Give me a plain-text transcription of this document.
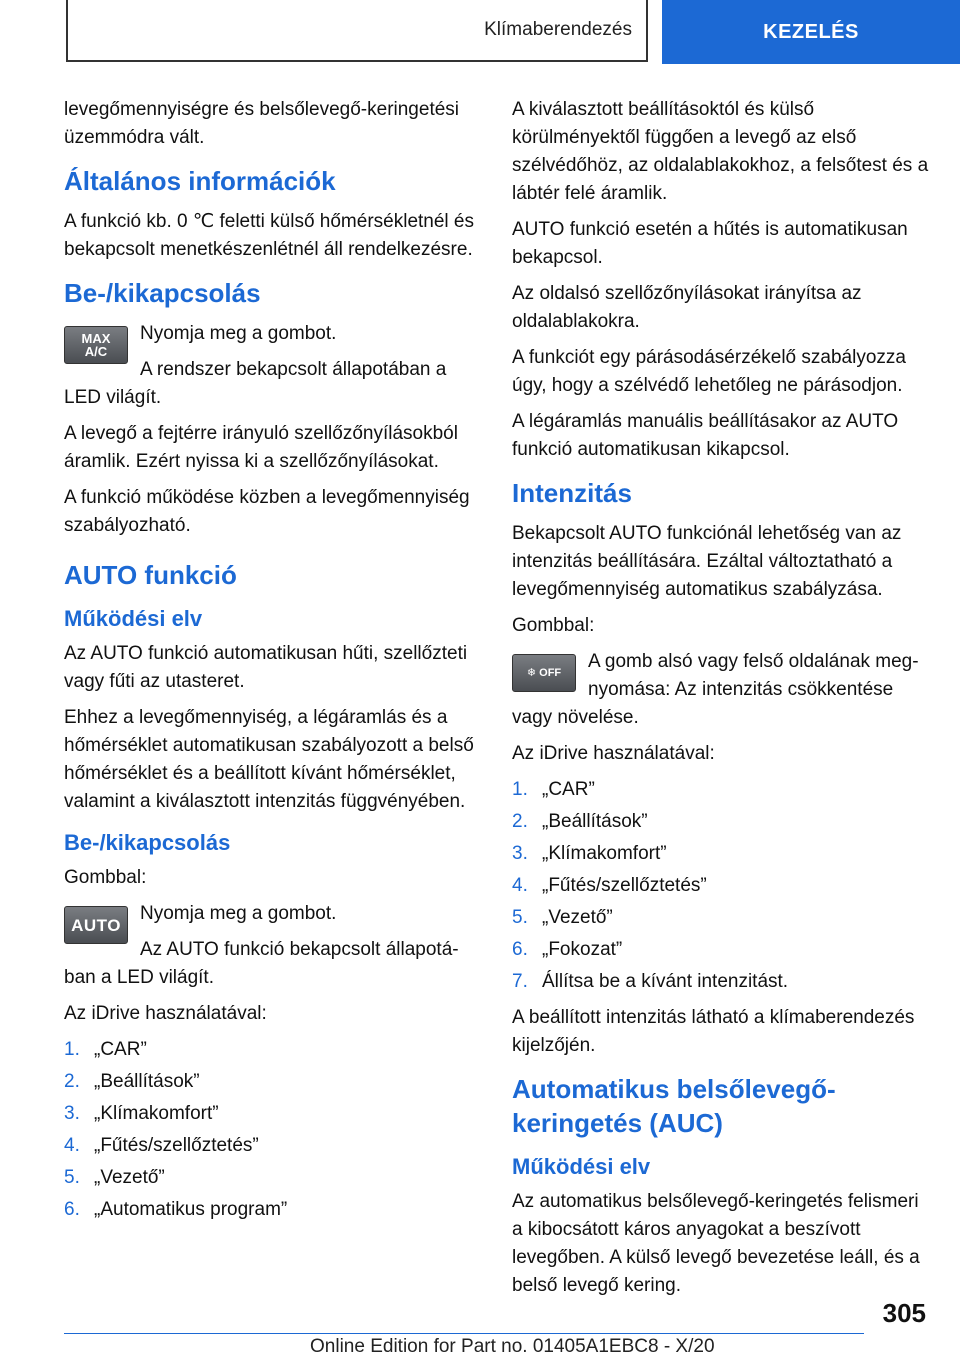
Klímaberendezés	KEZELÉS

levegőmennyiségre és belsőlevegő-keringetési üzemmódra vált.

Általános információk

A funkció kb. 0 ℃ feletti külső hőmérsékletnél és bekapcsolt menetkészenlétnél áll rendelkezésre.

Be-/kikapcsolás
MAX A/C

Nyomja meg a gombot.

A rendszer bekapcsolt állapotában a

LED világít.

A levegő a fejtérre irányuló szellőzőnyílásokból áramlik. Ezért nyissa ki a szellőzőnyílásokat.

A funkció működése közben a levegőmennyiség szabályozható.

AUTO funkció
Működési elv

Az AUTO funkció automatikusan hűti, szellőzteti vagy fűti az utasteret.

Ehhez a levegőmennyiség, a légáramlás és a hőmérséklet automatikusan szabályozott a belső hőmérséklet és a beállított kívánt hőmérséklet, valamint a kiválasztott intenzitás függvényében.

Be-/kikapcsolás

Gombbal:

AUTO

Nyomja meg a gombot.

Az AUTO funkció bekapcsolt állapotá-

ban a LED világít.

Az iDrive használatával:

1. „CAR”
2. „Beállítások”
3. „Klímakomfort”
4. „Fűtés/szellőztetés”
5. „Vezető”
6. „Automatikus program”

A kiválasztott beállításoktól és külső körülményektől függően a levegő az első szélvédőhöz, az oldalablakokhoz, a felsőtest és a lábtér felé áramlik.

AUTO funkció esetén a hűtés is automatikusan bekapcsol.

Az oldalsó szellőzőnyílásokat irányítsa az oldalablakokra.

A funkciót egy párásodásérzékelő szabályozza úgy, hogy a szélvédő lehetőleg ne párásodjon.

A légáramlás manuális beállításakor az AUTO funkció automatikusan kikapcsol.

Intenzitás

Bekapcsolt AUTO funkciónál lehetőség van az intenzitás beállítására. Ezáltal változtatható a levegőmennyiség automatikus szabályzása.

Gombbal:

❄ OFF

A gomb alsó vagy felső oldalának meg-

nyomása: Az intenzitás csökkentése

vagy növelése.

Az iDrive használatával:

1. „CAR”
2. „Beállítások”
3. „Klímakomfort”
4. „Fűtés/szellőztetés”
5. „Vezető”
6. „Fokozat”
7. Állítsa be a kívánt intenzitást.

A beállított intenzitás látható a klímaberendezés kijelzőjén.

Automatikus belsőlevegő-keringetés (AUC)
Működési elv

Az automatikus belsőlevegő-keringetés felismeri a kibocsátott káros anyagokat a beszívott levegőben. A külső levegő bevezetése leáll, és a belső levegő kering.

305
Online Edition for Part no. 01405A1EBC8 - X/20
